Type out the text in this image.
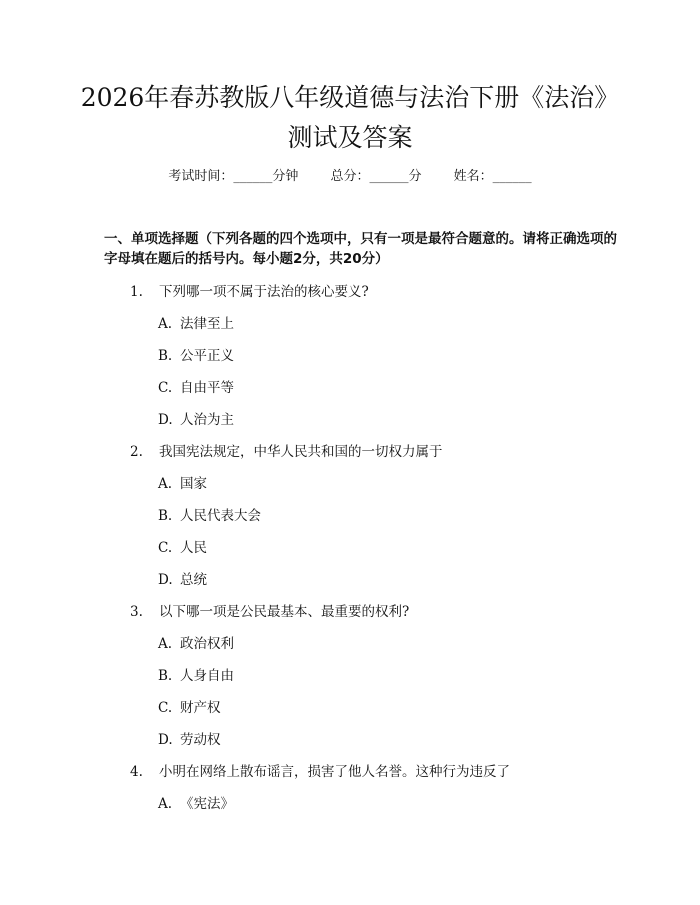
2026年春苏教版八年级道德与法治下册《法治》测试及答案
考试时间：______分钟 总分：______分 姓名：______

一、单项选择题（下列各题的四个选项中，只有一项是最符合题意的。请将正确选项的字母填在题后的括号内。每小题2分，共20分）

1. 下列哪一项不属于法治的核心要义?
A. 法律至上
B. 公平正义
C. 自由平等
D. 人治为主
2. 我国宪法规定，中华人民共和国的一切权力属于
A. 国家
B. 人民代表大会
C. 人民
D. 总统
3. 以下哪一项是公民最基本、最重要的权利?
A. 政治权利
B. 人身自由
C. 财产权
D. 劳动权
4. 小明在网络上散布谣言，损害了他人名誉。这种行为违反了
A. 《宪法》
